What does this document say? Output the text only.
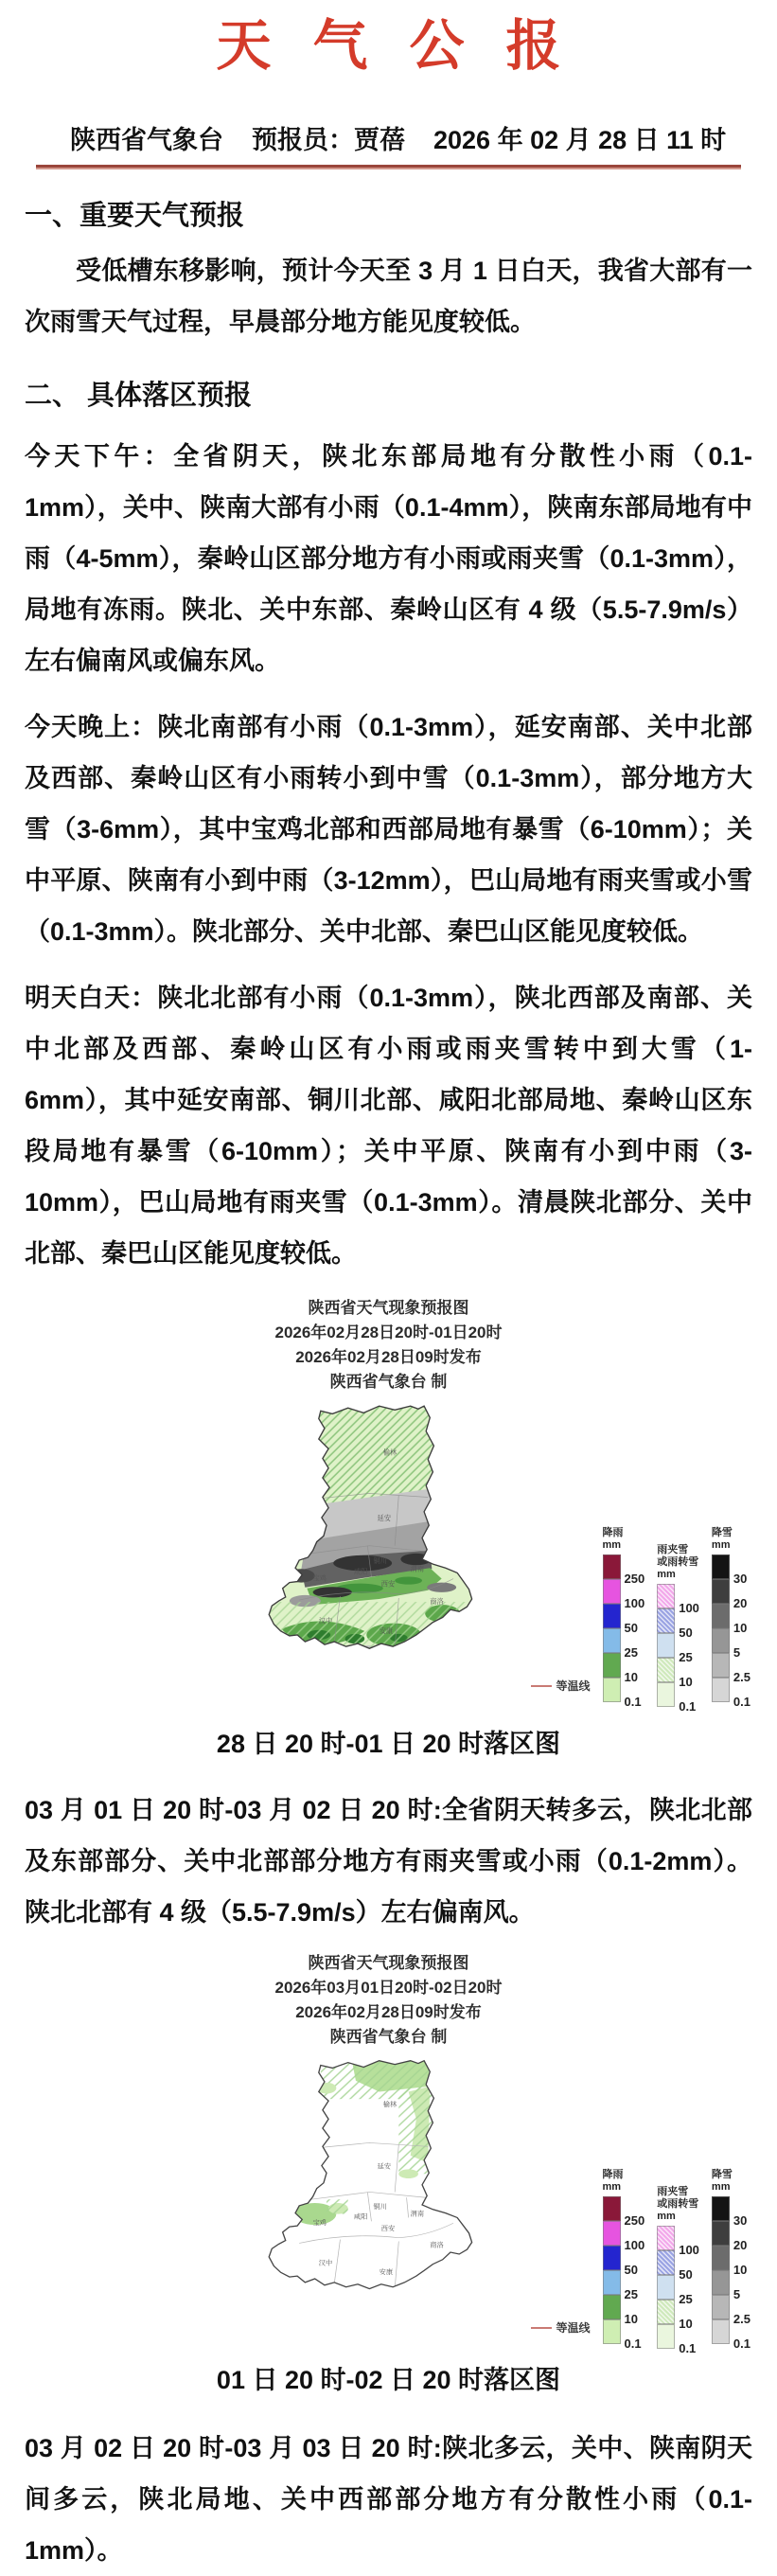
天气公报
陕西省气象台 预报员：贾蓓 2026 年 02 月 28 日 11 时
一、重要天气预报

受低槽东移影响，预计今天至 3 月 1 日白天，我省大部有一次雨雪天气过程，早晨部分地方能见度较低。

二、 具体落区预报

今天下午：全省阴天，陕北东部局地有分散性小雨（0.1-1mm），关中、陕南大部有小雨（0.1-4mm），陕南东部局地有中雨（4-5mm），秦岭山区部分地方有小雨或雨夹雪（0.1-3mm），局地有冻雨。陕北、关中东部、秦岭山区有 4 级（5.5-7.9m/s）左右偏南风或偏东风。

今天晚上：陕北南部有小雨（0.1-3mm），延安南部、关中北部及西部、秦岭山区有小雨转小到中雪（0.1-3mm），部分地方大雪（3-6mm），其中宝鸡北部和西部局地有暴雪（6-10mm）；关中平原、陕南有小到中雨（3-12mm），巴山局地有雨夹雪或小雪（0.1-3mm）。陕北部分、关中北部、秦巴山区能见度较低。

明天白天：陕北北部有小雨（0.1-3mm），陕北西部及南部、关中北部及西部、秦岭山区有小雨或雨夹雪转中到大雪（1-6mm），其中延安南部、铜川北部、咸阳北部局地、秦岭山区东段局地有暴雪（6-10mm）；关中平原、陕南有小到中雨（3-10mm），巴山局地有雨夹雪（0.1-3mm）。清晨陕北部分、关中北部、秦巴山区能见度较低。

陕西省天气现象预报图
2026年02月28日20时-01日20时
2026年02月28日09时发布
陕西省气象台 制
榆林
延安
铜川
咸阳	渭南
宝鸡
西安
商洛
汉中
安康
等温线
降雨
mm
250
100
50
25
10
0.1
雨夹雪
或雨转雪
mm
100
50
25
10
0.1
降雪
mm
30
20
10
5
2.5
0.1
28 日 20 时-01 日 20 时落区图

03 月 01 日 20 时-03 月 02 日 20 时:全省阴天转多云，陕北北部及东部部分、关中北部部分地方有雨夹雪或小雨（0.1-2mm）。陕北北部有 4 级（5.5-7.9m/s）左右偏南风。

陕西省天气现象预报图
2026年03月01日20时-02日20时
2026年02月28日09时发布
陕西省气象台 制
榆林
延安
铜川
咸阳	渭南
宝鸡
西安
商洛
汉中
安康
等温线
降雨
mm
250
100
50
25
10
0.1
雨夹雪
或雨转雪
mm
100
50
25
10
0.1
降雪
mm
30
20
10
5
2.5
0.1
01 日 20 时-02 日 20 时落区图

03 月 02 日 20 时-03 月 03 日 20 时:陕北多云，关中、陕南阴天间多云，陕北局地、关中西部部分地方有分散性小雨（0.1-1mm）。
